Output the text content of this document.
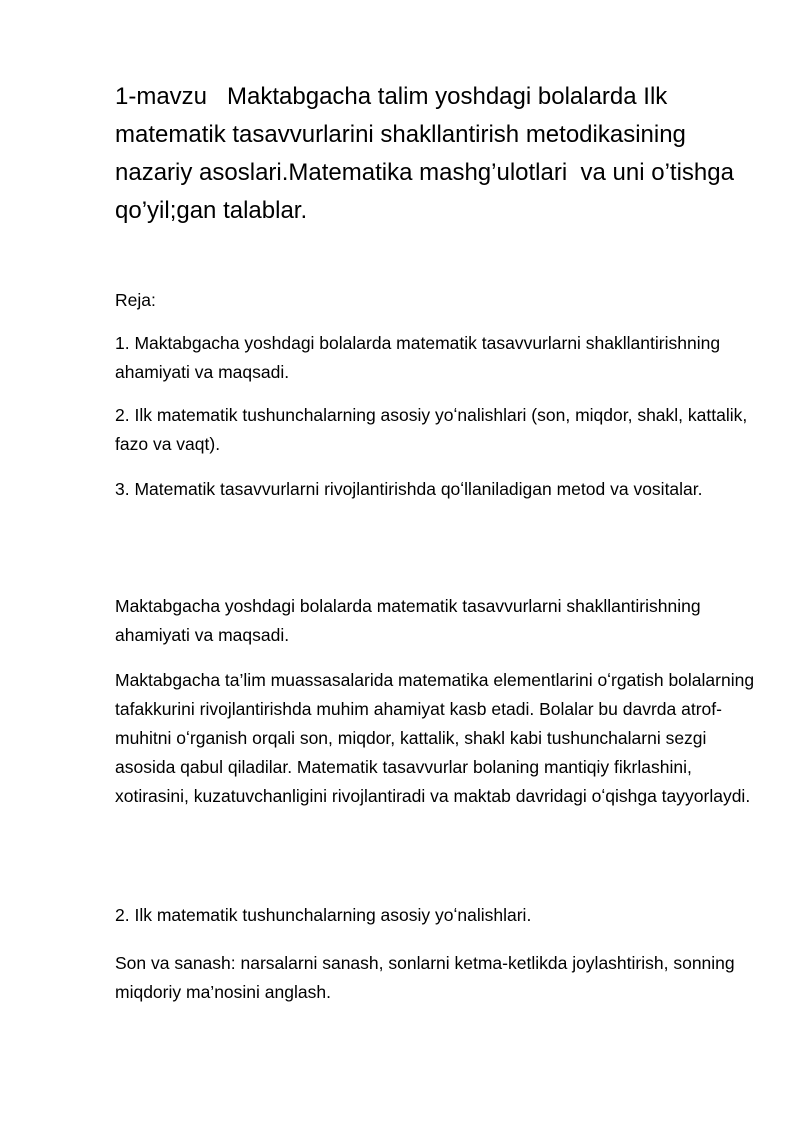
1-mavzu   Maktabgacha talim yoshdagi bolalarda Ilk matematik tasavvurlarini shakllantirish metodikasining nazariy asoslari.Matematika mashg’ulotlari  va uni o’tishga qo’yil;gan talablar.

Reja:

1. Maktabgacha yoshdagi bolalarda matematik tasavvurlarni shakllantirishning ahamiyati va maqsadi.

2. Ilk matematik tushunchalarning asosiy yoʻnalishlari (son, miqdor, shakl, kattalik, fazo va vaqt).

3. Matematik tasavvurlarni rivojlantirishda qoʻllaniladigan metod va vositalar.

Maktabgacha yoshdagi bolalarda matematik tasavvurlarni shakllantirishning ahamiyati va maqsadi.

Maktabgacha ta’lim muassasalarida matematika elementlarini oʻrgatish bolalarning tafakkurini rivojlantirishda muhim ahamiyat kasb etadi. Bolalar bu davrda atrof-muhitni oʻrganish orqali son, miqdor, kattalik, shakl kabi tushunchalarni sezgi asosida qabul qiladilar. Matematik tasavvurlar bolaning mantiqiy fikrlashini, xotirasini, kuzatuvchanligini rivojlantiradi va maktab davridagi oʻqishga tayyorlaydi.

2. Ilk matematik tushunchalarning asosiy yoʻnalishlari.

Son va sanash: narsalarni sanash, sonlarni ketma-ketlikda joylashtirish, sonning miqdoriy ma’nosini anglash.
